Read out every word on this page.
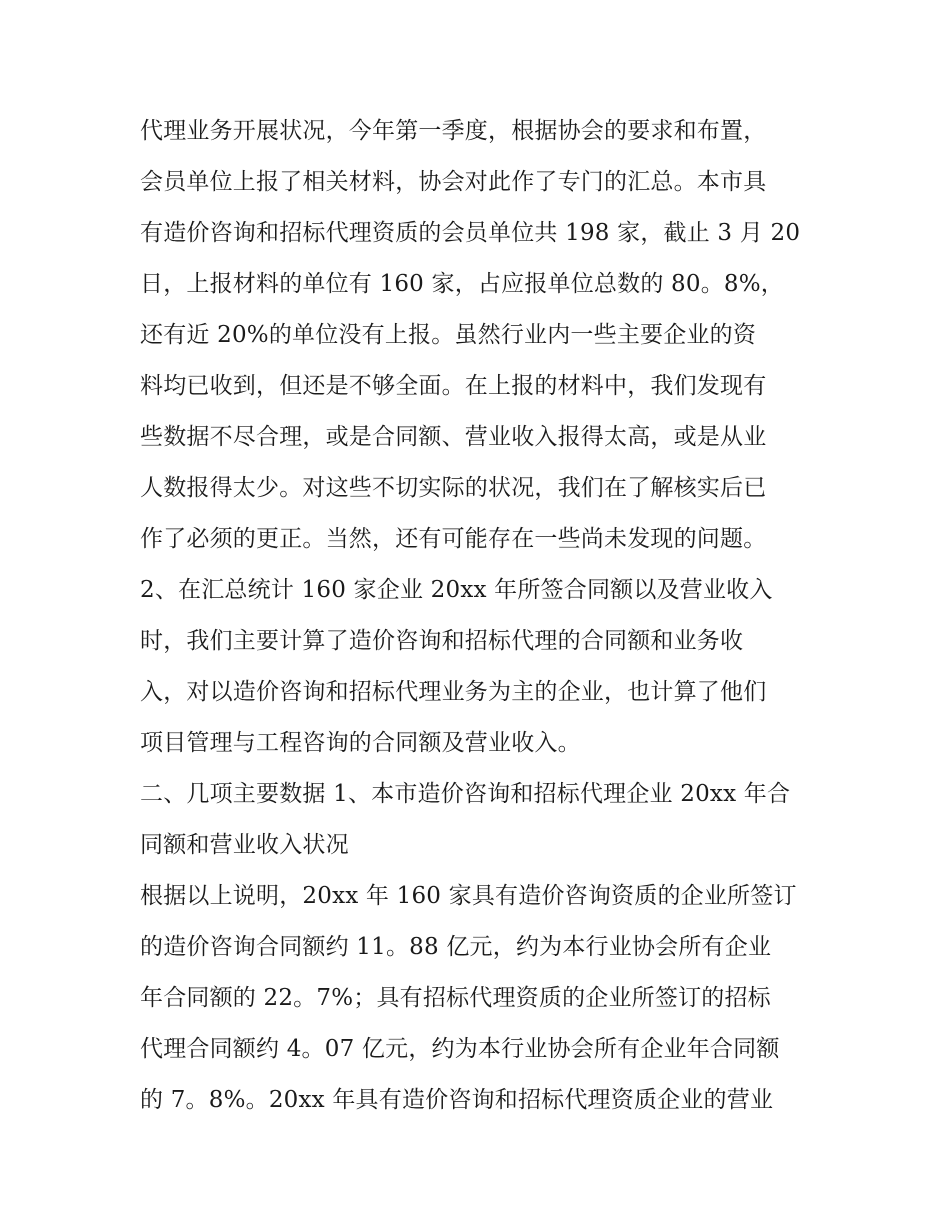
代理业务开展状况，今年第一季度，根据协会的要求和布置，
会员单位上报了相关材料，协会对此作了专门的汇总。本市具
有造价咨询和招标代理资质的会员单位共 198 家，截止 3 月 20
日，上报材料的单位有 160 家，占应报单位总数的 80。8%，
还有近 20%的单位没有上报。虽然行业内一些主要企业的资
料均已收到，但还是不够全面。在上报的材料中，我们发现有
些数据不尽合理，或是合同额、营业收入报得太高，或是从业
人数报得太少。对这些不切实际的状况，我们在了解核实后已
作了必须的更正。当然，还有可能存在一些尚未发现的问题。
2、在汇总统计 160 家企业 20xx 年所签合同额以及营业收入
时，我们主要计算了造价咨询和招标代理的合同额和业务收
入，对以造价咨询和招标代理业务为主的企业，也计算了他们
项目管理与工程咨询的合同额及营业收入。
二、几项主要数据 1、本市造价咨询和招标代理企业 20xx 年合
同额和营业收入状况
根据以上说明，20xx 年 160 家具有造价咨询资质的企业所签订
的造价咨询合同额约 11。88 亿元，约为本行业协会所有企业
年合同额的 22。7%；具有招标代理资质的企业所签订的招标
代理合同额约 4。07 亿元，约为本行业协会所有企业年合同额
的 7。8%。20xx 年具有造价咨询和招标代理资质企业的营业
